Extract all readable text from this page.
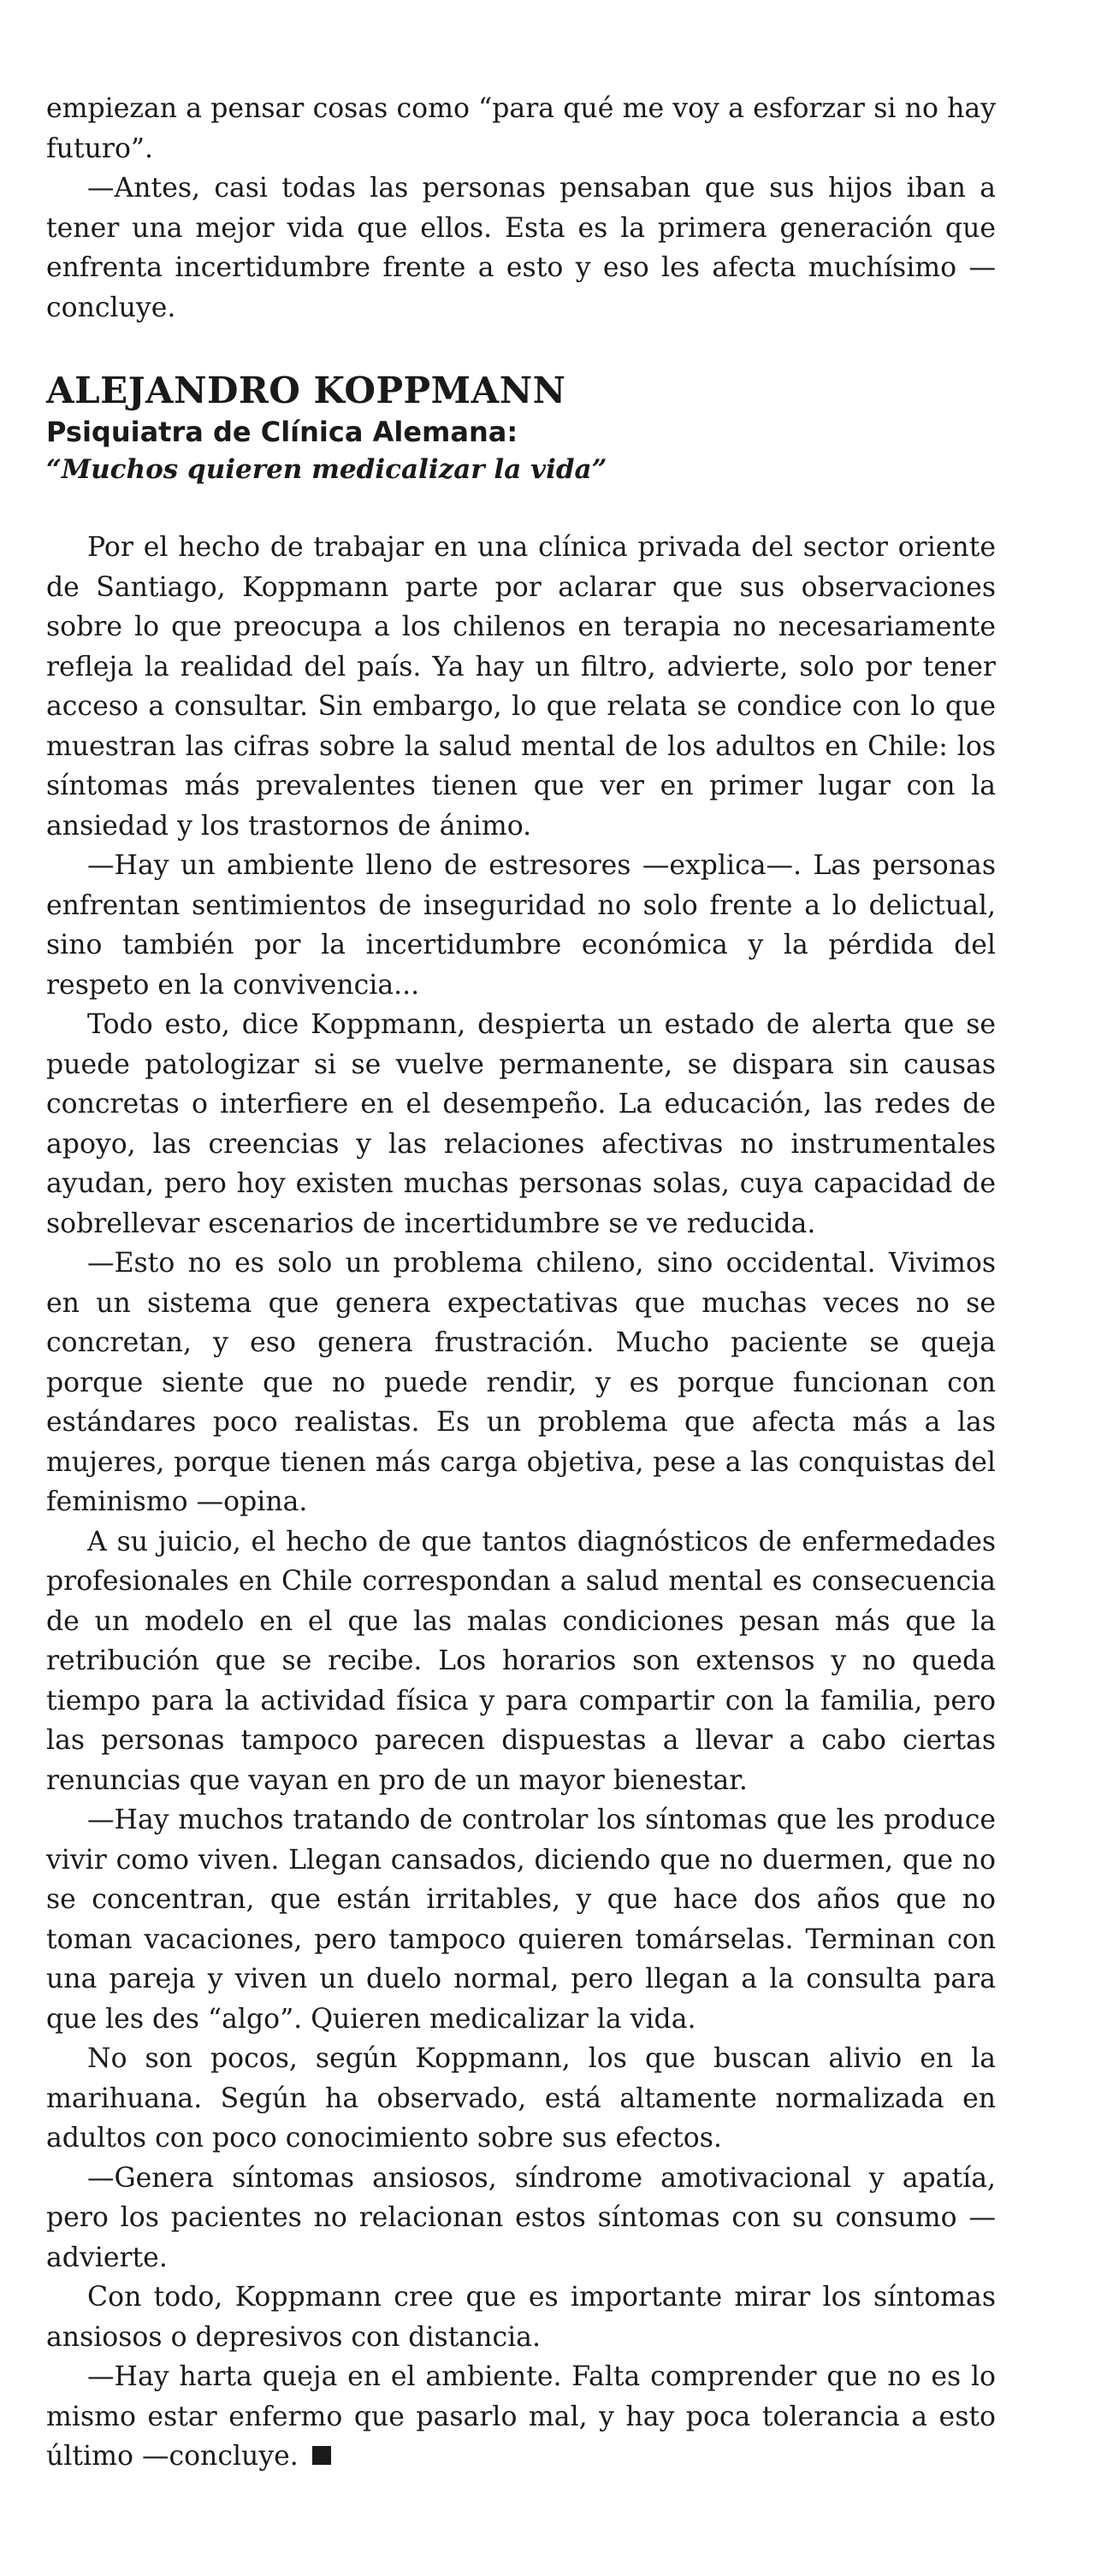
empiezan a pensar cosas como “para qué me voy a esforzar si no hay futuro”.

—Antes, casi todas las personas pensaban que sus hijos iban a tener una mejor vida que ellos. Esta es la primera generación que enfrenta incertidumbre frente a esto y eso les afecta muchísimo —concluye.

ALEJANDRO KOPPMANN

Psiquiatra de Clínica Alemana:

“Muchos quieren medicalizar la vida”

Por el hecho de trabajar en una clínica privada del sector oriente de Santiago, Koppmann parte por aclarar que sus observaciones sobre lo que preocupa a los chilenos en terapia no necesariamente refleja la realidad del país. Ya hay un filtro, advierte, solo por tener acceso a consultar. Sin embargo, lo que relata se condice con lo que muestran las cifras sobre la salud mental de los adultos en Chile: los síntomas más prevalentes tienen que ver en primer lugar con la ansiedad y los trastornos de ánimo.

—Hay un ambiente lleno de estresores —explica—. Las personas enfrentan sentimientos de inseguridad no solo frente a lo delictual, sino también por la incertidumbre económica y la pérdida del respeto en la convivencia...

Todo esto, dice Koppmann, despierta un estado de alerta que se puede patologizar si se vuelve permanente, se dispara sin causas concretas o interfiere en el desempeño. La educación, las redes de apoyo, las creencias y las relaciones afectivas no instrumentales ayudan, pero hoy existen muchas personas solas, cuya capacidad de sobrellevar escenarios de incertidumbre se ve reducida.

—Esto no es solo un problema chileno, sino occidental. Vivimos en un sistema que genera expectativas que muchas veces no se concretan, y eso genera frustración. Mucho paciente se queja porque siente que no puede rendir, y es porque funcionan con estándares poco realistas. Es un problema que afecta más a las mujeres, porque tienen más carga objetiva, pese a las conquistas del feminismo —opina.

A su juicio, el hecho de que tantos diagnósticos de enfermedades profesionales en Chile correspondan a salud mental es consecuencia de un modelo en el que las malas condiciones pesan más que la retribución que se recibe. Los horarios son extensos y no queda tiempo para la actividad física y para compartir con la familia, pero las personas tampoco parecen dispuestas a llevar a cabo ciertas renuncias que vayan en pro de un mayor bienestar.

—Hay muchos tratando de controlar los síntomas que les produce vivir como viven. Llegan cansados, diciendo que no duermen, que no se concentran, que están irritables, y que hace dos años que no toman vacaciones, pero tampoco quieren tomárselas. Terminan con una pareja y viven un duelo normal, pero llegan a la consulta para que les des “algo”. Quieren medicalizar la vida.

No son pocos, según Koppmann, los que buscan alivio en la marihuana. Según ha observado, está altamente normalizada en adultos con poco conocimiento sobre sus efectos.

—Genera síntomas ansiosos, síndrome amotivacional y apatía, pero los pacientes no relacionan estos síntomas con su consumo —advierte.

Con todo, Koppmann cree que es importante mirar los síntomas ansiosos o depresivos con distancia.

—Hay harta queja en el ambiente. Falta comprender que no es lo mismo estar enfermo que pasarlo mal, y hay poca tolerancia a esto último —concluye.
